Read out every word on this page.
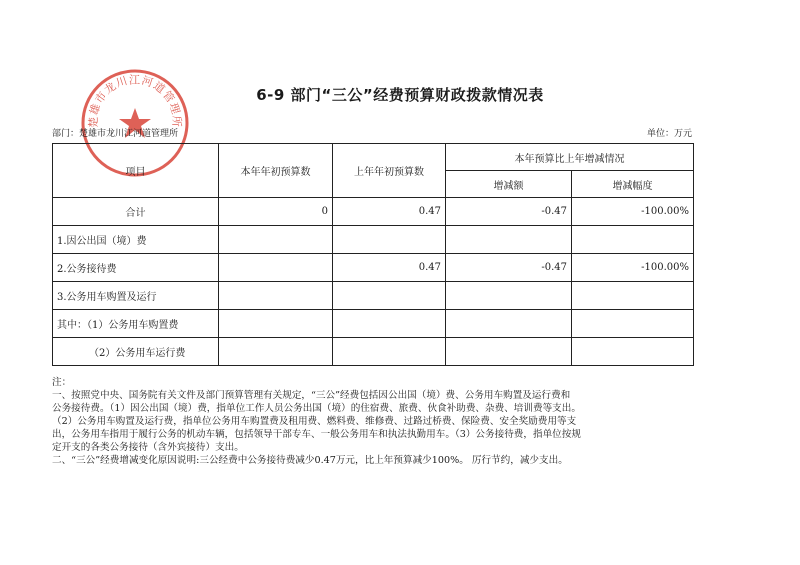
6-9 部门“三公”经费预算财政拨款情况表
楚雄市龙川江河道管理所
部门：楚雄市龙川江河道管理所	单位：万元
项目	本年年初预算数	上年年初预算数	本年预算比上年增减情况	
			增减额	增减幅度
合计	0	0.47	-0.47	-100.00%
1.因公出国（境）费				
2.公务接待费		0.47	-0.47	-100.00%
3.公务用车购置及运行				
其中：（1）公务用车购置费				
（2）公务用车运行费				
注：
一、按照党中央、国务院有关文件及部门预算管理有关规定，“三公”经费包括因公出国（境）费、公务用车购置及运行费和
公务接待费。（1）因公出国（境）费，指单位工作人员公务出国（境）的住宿费、旅费、伙食补助费、杂费、培训费等支出。
（2）公务用车购置及运行费，指单位公务用车购置费及租用费、燃料费、维修费、过路过桥费、保险费、安全奖励费用等支
出，公务用车指用于履行公务的机动车辆，包括领导干部专车、一般公务用车和执法执勤用车。（3）公务接待费，指单位按规
定开支的各类公务接待（含外宾接待）支出。
二、“三公”经费增减变化原因说明:三公经费中公务接待费减少0.47万元，比上年预算减少100%。 厉行节约，减少支出。
